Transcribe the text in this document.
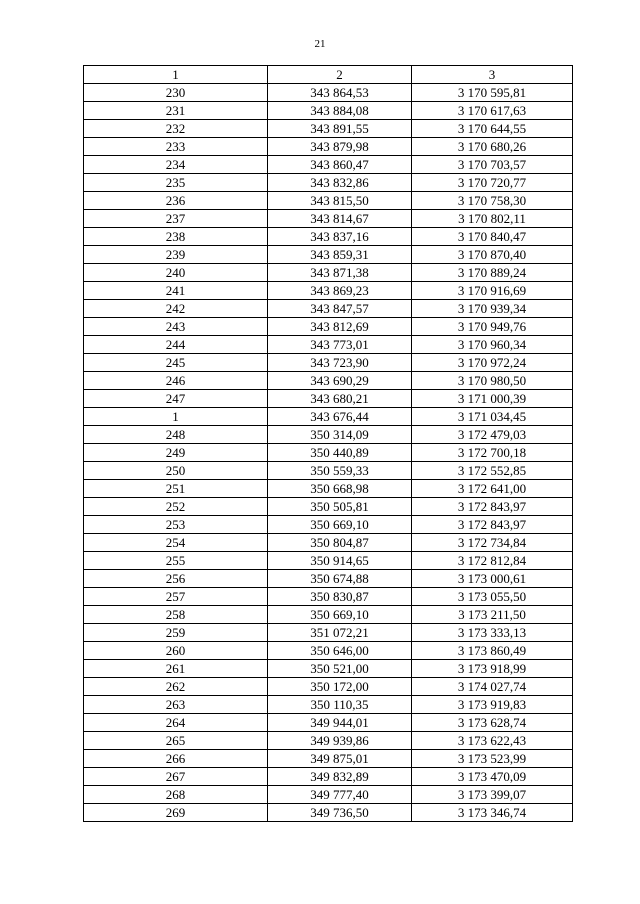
21
1	2	3
230	343 864,53	3 170 595,81
231	343 884,08	3 170 617,63
232	343 891,55	3 170 644,55
233	343 879,98	3 170 680,26
234	343 860,47	3 170 703,57
235	343 832,86	3 170 720,77
236	343 815,50	3 170 758,30
237	343 814,67	3 170 802,11
238	343 837,16	3 170 840,47
239	343 859,31	3 170 870,40
240	343 871,38	3 170 889,24
241	343 869,23	3 170 916,69
242	343 847,57	3 170 939,34
243	343 812,69	3 170 949,76
244	343 773,01	3 170 960,34
245	343 723,90	3 170 972,24
246	343 690,29	3 170 980,50
247	343 680,21	3 171 000,39
1	343 676,44	3 171 034,45
248	350 314,09	3 172 479,03
249	350 440,89	3 172 700,18
250	350 559,33	3 172 552,85
251	350 668,98	3 172 641,00
252	350 505,81	3 172 843,97
253	350 669,10	3 172 843,97
254	350 804,87	3 172 734,84
255	350 914,65	3 172 812,84
256	350 674,88	3 173 000,61
257	350 830,87	3 173 055,50
258	350 669,10	3 173 211,50
259	351 072,21	3 173 333,13
260	350 646,00	3 173 860,49
261	350 521,00	3 173 918,99
262	350 172,00	3 174 027,74
263	350 110,35	3 173 919,83
264	349 944,01	3 173 628,74
265	349 939,86	3 173 622,43
266	349 875,01	3 173 523,99
267	349 832,89	3 173 470,09
268	349 777,40	3 173 399,07
269	349 736,50	3 173 346,74
